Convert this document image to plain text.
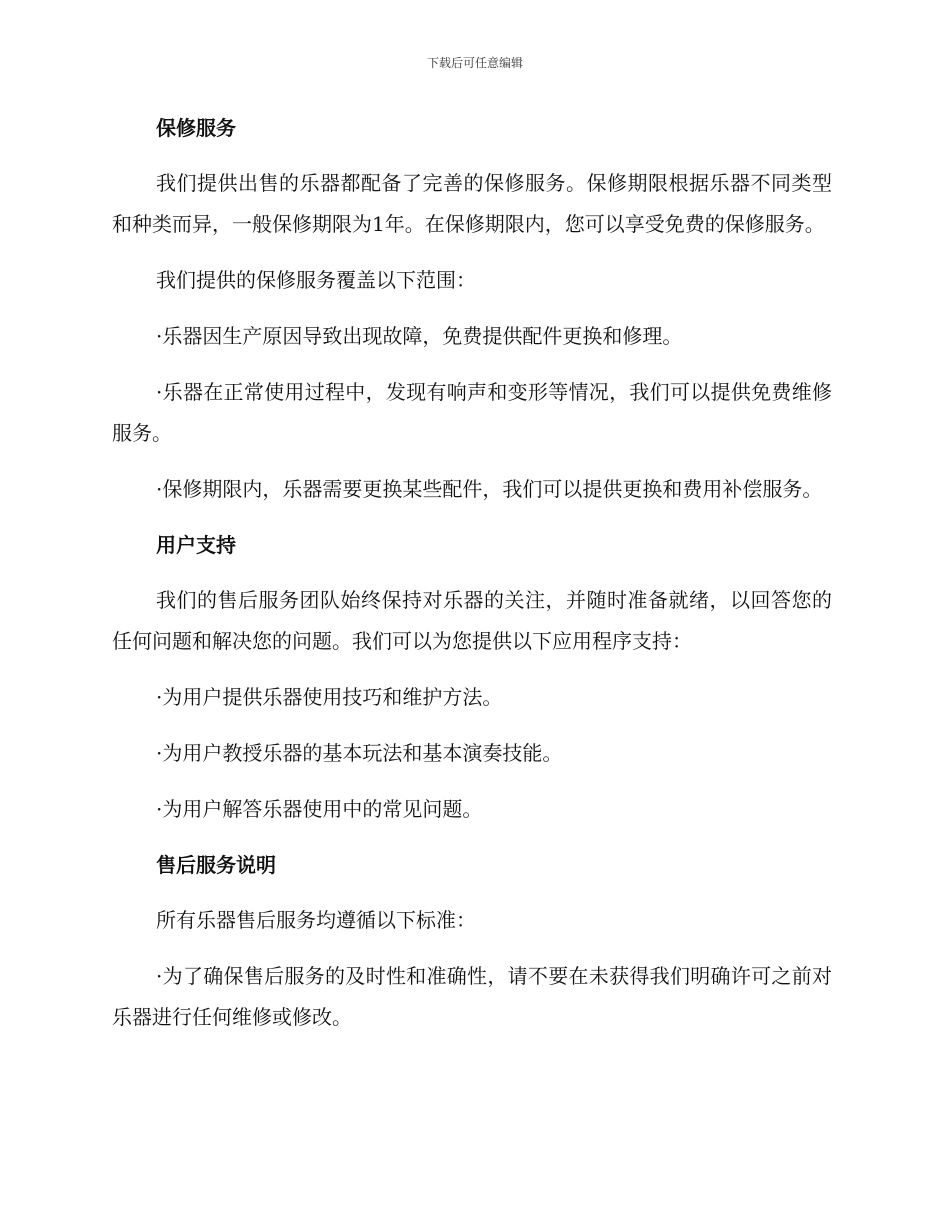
下载后可任意编辑
保修服务
我们提供出售的乐器都配备了完善的保修服务。保修期限根据乐器不同类型和种类而异，一般保修期限为1年。在保修期限内，您可以享受免费的保修服务。
我们提供的保修服务覆盖以下范围：
·乐器因生产原因导致出现故障，免费提供配件更换和修理。
·乐器在正常使用过程中，发现有响声和变形等情况，我们可以提供免费维修服务。
·保修期限内，乐器需要更换某些配件，我们可以提供更换和费用补偿服务。
用户支持
我们的售后服务团队始终保持对乐器的关注，并随时准备就绪，以回答您的任何问题和解决您的问题。我们可以为您提供以下应用程序支持：
·为用户提供乐器使用技巧和维护方法。
·为用户教授乐器的基本玩法和基本演奏技能。
·为用户解答乐器使用中的常见问题。
售后服务说明
所有乐器售后服务均遵循以下标准：
·为了确保售后服务的及时性和准确性，请不要在未获得我们明确许可之前对乐器进行任何维修或修改。
